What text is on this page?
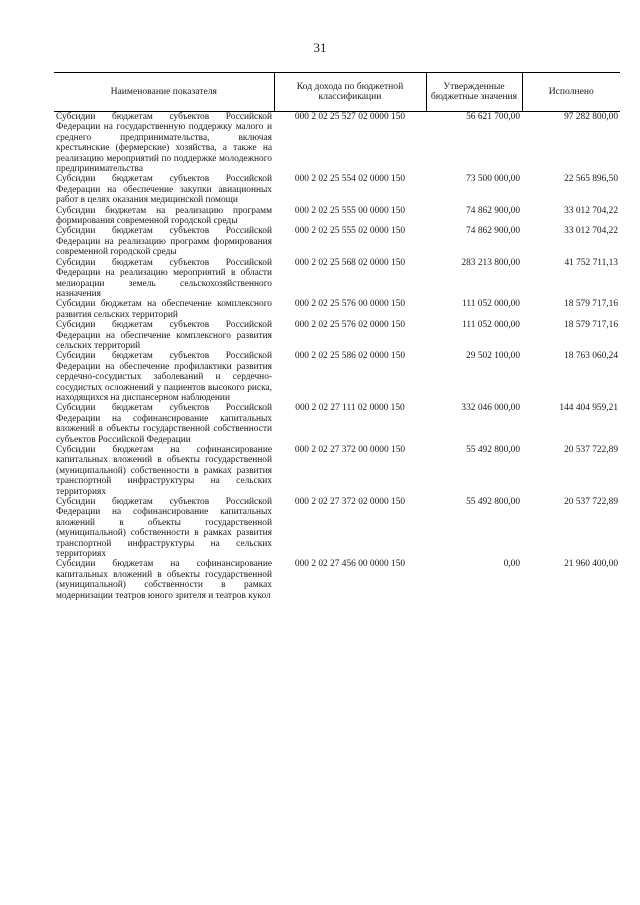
31
Наименование показателя	Код дохода по бюджетной классификации	Утвержденные бюджетные значения	Исполнено
Субсидии бюджетам субъектов Российской Федерации на государственную поддержку малого и среднего предпринимательства, включая крестьянские (фермерские) хозяйства, а также на реализацию мероприятий по поддержке молодежного предпринимательства	000 2 02 25 527 02 0000 150	56 621 700,00	97 282 800,00
Субсидии бюджетам субъектов Российской Федерации на обеспечение закупки авиационных работ в целях оказания медицинской помощи	000 2 02 25 554 02 0000 150	73 500 000,00	22 565 896,50
Субсидии бюджетам на реализацию программ формирования современной городской среды	000 2 02 25 555 00 0000 150	74 862 900,00	33 012 704,22
Субсидии бюджетам субъектов Российской Федерации на реализацию программ формирования современной городской среды	000 2 02 25 555 02 0000 150	74 862 900,00	33 012 704,22
Субсидии бюджетам субъектов Российской Федерации на реализацию мероприятий в области мелиорации земель сельскохозяйственного назначения	000 2 02 25 568 02 0000 150	283 213 800,00	41 752 711,13
Субсидии бюджетам на обеспечение комплексного развития сельских территорий	000 2 02 25 576 00 0000 150	111 052 000,00	18 579 717,16
Субсидии бюджетам субъектов Российской Федерации на обеспечение комплексного развития сельских территорий	000 2 02 25 576 02 0000 150	111 052 000,00	18 579 717,16
Субсидии бюджетам субъектов Российской Федерации на обеспечение профилактики развития сердечно-сосудистых заболеваний и сердечно-сосудистых осложнений у пациентов высокого риска, находящихся на диспансерном наблюдении	000 2 02 25 586 02 0000 150	29 502 100,00	18 763 060,24
Субсидии бюджетам субъектов Российской Федерации на софинансирование капитальных вложений в объекты государственной собственности субъектов Российской Федерации	000 2 02 27 111 02 0000 150	332 046 000,00	144 404 959,21
Субсидии бюджетам на софинансирование капитальных вложений в объекты государственной (муниципальной) собственности в рамках развития транспортной инфраструктуры на сельских территориях	000 2 02 27 372 00 0000 150	55 492 800,00	20 537 722,89
Субсидии бюджетам субъектов Российской Федерации на софинансирование капитальных вложений в объекты государственной (муниципальной) собственности в рамках развития транспортной инфраструктуры на сельских территориях	000 2 02 27 372 02 0000 150	55 492 800,00	20 537 722,89
Субсидии бюджетам на софинансирование капитальных вложений в объекты государственной (муниципальной) собственности в рамках модернизации театров юного зрителя и театров кукол	000 2 02 27 456 00 0000 150	0,00	21 960 400,00
